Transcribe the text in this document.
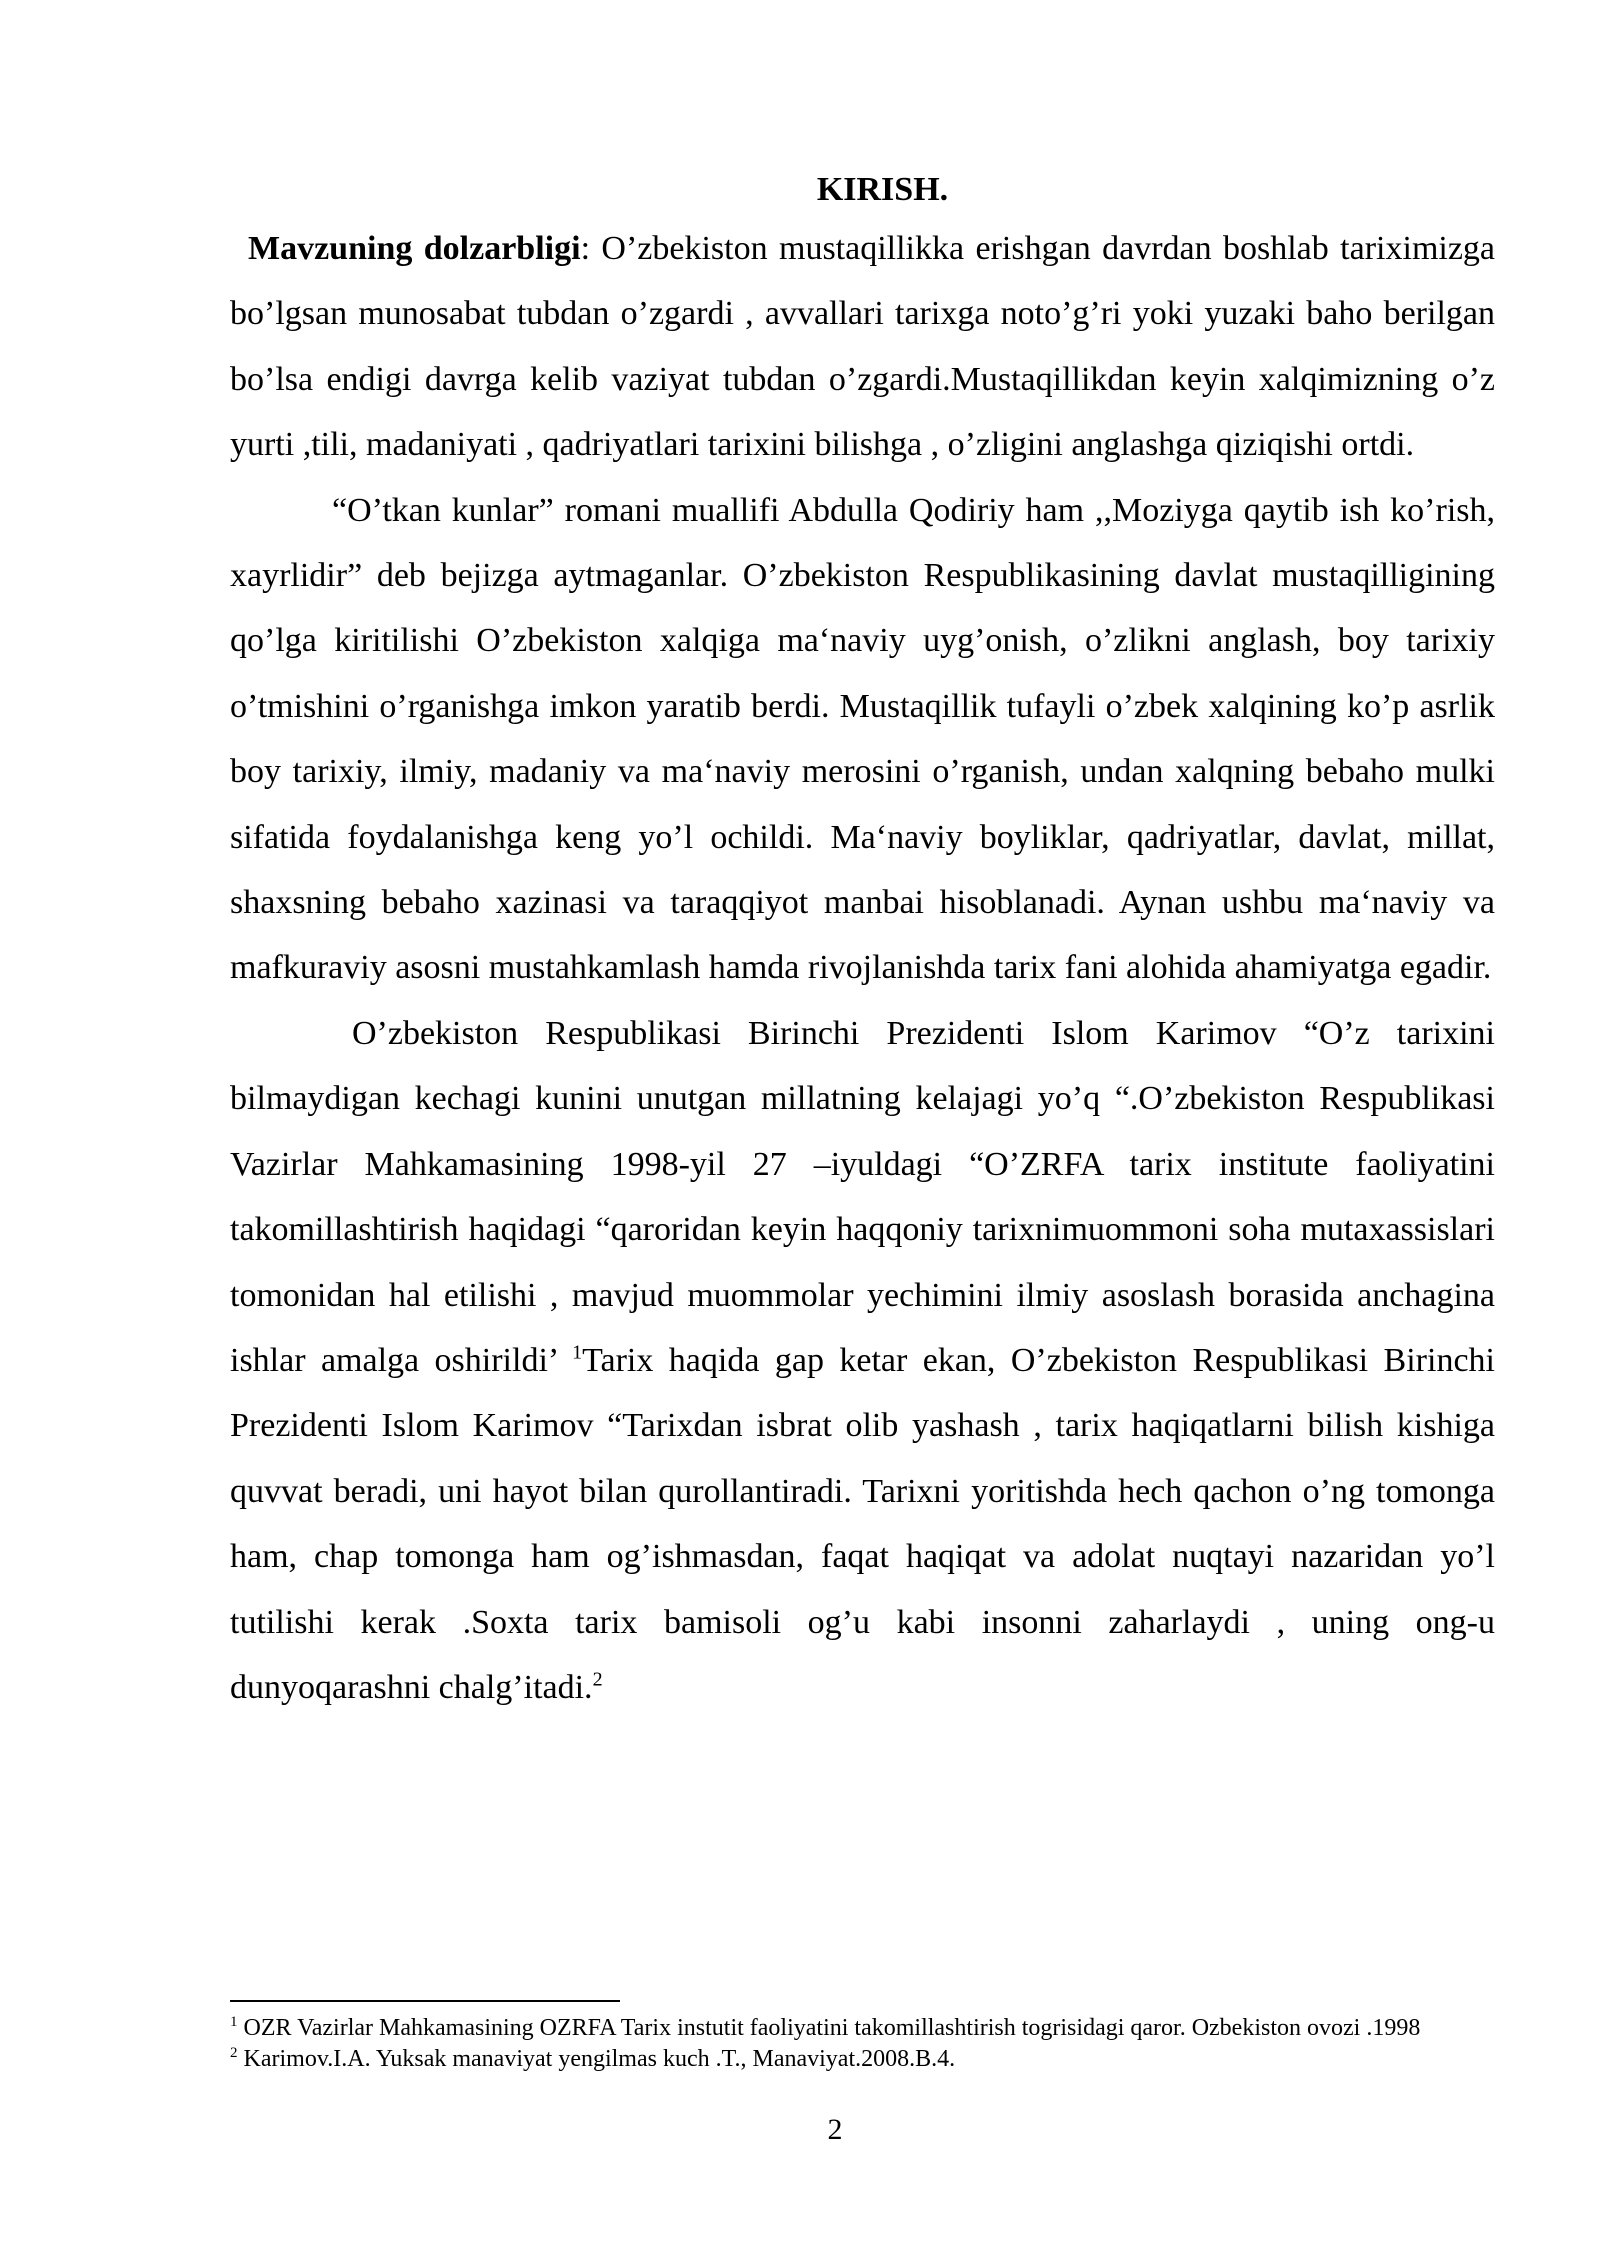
KIRISH.

Mavzuning dolzarbligi: O’zbekiston mustaqillikka erishgan davrdan boshlab tariximizga bo’lgsan munosabat tubdan o’zgardi , avvallari tarixga noto’g’ri yoki yuzaki baho berilgan bo’lsa endigi davrga kelib vaziyat tubdan o’zgardi.Mustaqillikdan keyin xalqimizning o’z yurti ,tili, madaniyati , qadriyatlari tarixini bilishga , o’zligini anglashga qiziqishi ortdi.

“O’tkan kunlar” romani muallifi Abdulla Qodiriy ham ,,Moziyga qaytib ish ko’rish, xayrlidir” deb bejizga aytmaganlar. O’zbekiston Respublikasining davlat mustaqilligining qo’lga kiritilishi O’zbekiston xalqiga ma‘naviy uyg’onish, o’zlikni anglash, boy tarixiy o’tmishini o’rganishga imkon yaratib berdi. Mustaqillik tufayli o’zbek xalqining ko’p asrlik boy tarixiy, ilmiy, madaniy va ma‘naviy merosini o’rganish, undan xalqning bebaho mulki sifatida foydalanishga keng yo’l ochildi. Ma‘naviy boyliklar, qadriyatlar, davlat, millat, shaxsning bebaho xazinasi va taraqqiyot manbai hisoblanadi. Aynan ushbu ma‘naviy va mafkuraviy asosni mustahkamlash hamda rivojlanishda tarix fani alohida ahamiyatga egadir.

O’zbekiston Respublikasi Birinchi Prezidenti Islom Karimov “O’z tarixini bilmaydigan kechagi kunini unutgan millatning kelajagi yo’q “.O’zbekiston Respublikasi Vazirlar Mahkamasining 1998-yil 27 –iyuldagi “O’ZRFA tarix institute faoliyatini takomillashtirish haqidagi “qaroridan keyin haqqoniy tarixnimuommoni soha mutaxassislari tomonidan hal etilishi , mavjud muommolar yechimini ilmiy asoslash borasida anchagina ishlar amalga oshirildi’ $^1$Tarix haqida gap ketar ekan, O’zbekiston Respublikasi Birinchi Prezidenti Islom Karimov “Tarixdan isbrat olib yashash , tarix haqiqatlarni bilish kishiga quvvat beradi, uni hayot bilan qurollantiradi. Tarixni yoritishda hech qachon o’ng tomonga ham, chap tomonga ham og’ishmasdan, faqat haqiqat va adolat nuqtayi nazaridan yo’l tutilishi kerak .Soxta tarix bamisoli og’u kabi insonni zaharlaydi , uning ong-u dunyoqarashni chalg’itadi.$^2$

$^1$ OZR Vazirlar Mahkamasining OZRFA Tarix instutit faoliyatini takomillashtirish togrisidagi qaror. Ozbekiston ovozi .1998

$^2$ Karimov.I.A. Yuksak manaviyat yengilmas kuch .T., Manaviyat.2008.B.4.

2
